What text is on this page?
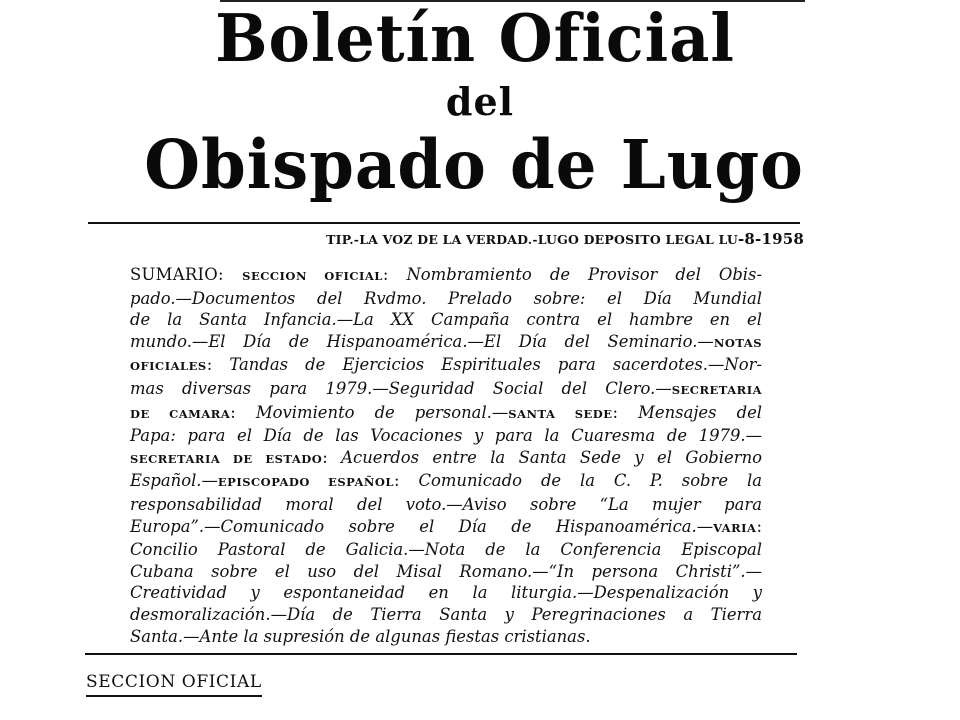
Boletín Oficial
del
Obispado de Lugo
TIP.-LA VOZ DE LA VERDAD.-LUGO DEPOSITO LEGAL LU-8-1958
SUMARIO: SECCION OFICIAL: Nombramiento de Provisor del Obis-
pado.—Documentos del Rvdmo. Prelado sobre: el Día Mundial
de la Santa Infancia.—La XX Campaña contra el hambre en el
mundo.—El Día de Hispanoamérica.—El Día del Seminario.—NOTAS
OFICIALES: Tandas de Ejercicios Espirituales para sacerdotes.—Nor-
mas diversas para 1979.—Seguridad Social del Clero.—SECRETARIA
DE CAMARA: Movimiento de personal.—SANTA SEDE: Mensajes del
Papa: para el Día de las Vocaciones y para la Cuaresma de 1979.—
SECRETARIA DE ESTADO: Acuerdos entre la Santa Sede y el Gobierno
Español.—EPISCOPADO ESPAÑOL: Comunicado de la C. P. sobre la
responsabilidad moral del voto.—Aviso sobre “La mujer para
Europa”.—Comunicado sobre el Día de Hispanoamérica.—VARIA:
Concilio Pastoral de Galicia.—Nota de la Conferencia Episcopal
Cubana sobre el uso del Misal Romano.—“In persona Christi”.—
Creatividad y espontaneidad en la liturgia.—Despenalización y
desmoralización.—Día de Tierra Santa y Peregrinaciones a Tierra
Santa.—Ante la supresión de algunas fiestas cristianas.
SECCION OFICIAL
